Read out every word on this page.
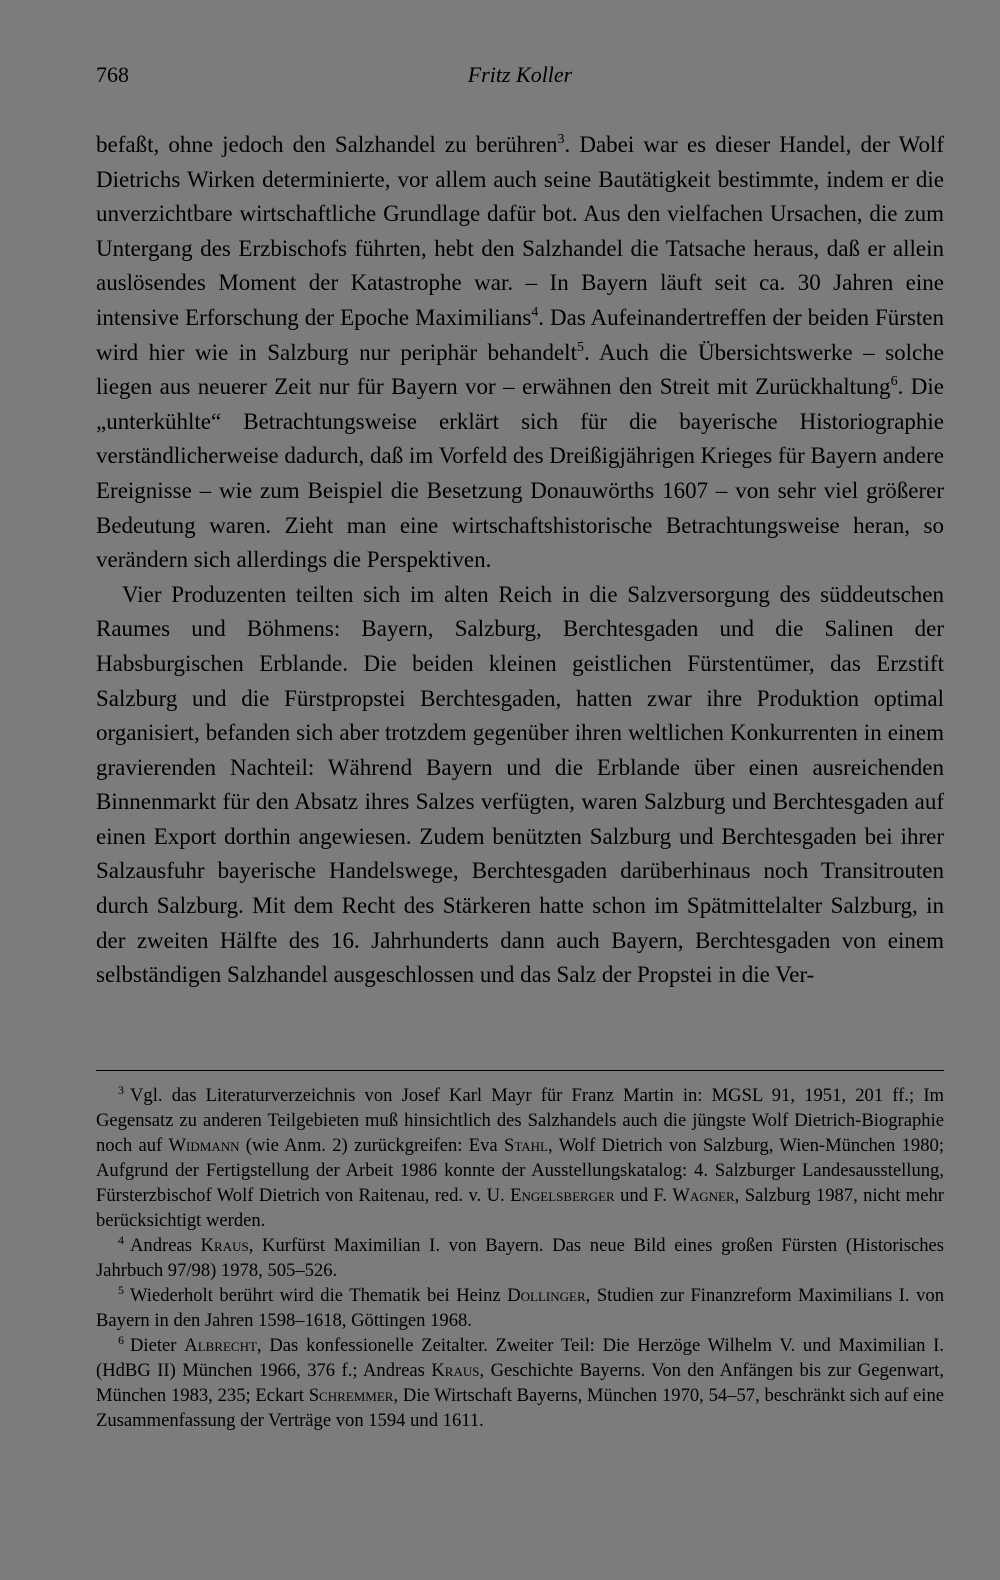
768	Fritz Koller

befaßt, ohne jedoch den Salzhandel zu berühren$^3$. Dabei war es dieser Handel, der Wolf Dietrichs Wirken determinierte, vor allem auch seine Bautätigkeit bestimmte, indem er die unverzichtbare wirtschaftliche Grundlage dafür bot. Aus den vielfachen Ursachen, die zum Untergang des Erzbischofs führten, hebt den Salzhandel die Tatsache heraus, daß er allein auslösendes Moment der Katastrophe war. – In Bayern läuft seit ca. 30 Jahren eine intensive Erforschung der Epoche Maximilians$^4$. Das Aufeinandertreffen der beiden Fürsten wird hier wie in Salzburg nur periphär behandelt$^5$. Auch die Übersichtswerke – solche liegen aus neuerer Zeit nur für Bayern vor – erwähnen den Streit mit Zurückhaltung$^6$. Die „unterkühlte“ Betrachtungsweise erklärt sich für die bayerische Historiographie verständlicherweise dadurch, daß im Vorfeld des Dreißigjährigen Krieges für Bayern andere Ereignisse – wie zum Beispiel die Besetzung Donauwörths 1607 – von sehr viel größerer Bedeutung waren. Zieht man eine wirtschaftshistorische Betrachtungsweise heran, so verändern sich allerdings die Perspektiven.

Vier Produzenten teilten sich im alten Reich in die Salzversorgung des süddeutschen Raumes und Böhmens: Bayern, Salzburg, Berchtesgaden und die Salinen der Habsburgischen Erblande. Die beiden kleinen geistlichen Fürstentümer, das Erzstift Salzburg und die Fürstpropstei Berchtesgaden, hatten zwar ihre Produktion optimal organisiert, befanden sich aber trotzdem gegenüber ihren weltlichen Konkurrenten in einem gravierenden Nachteil: Während Bayern und die Erblande über einen ausreichenden Binnenmarkt für den Absatz ihres Salzes verfügten, waren Salzburg und Berchtesgaden auf einen Export dorthin angewiesen. Zudem benützten Salzburg und Berchtesgaden bei ihrer Salzausfuhr bayerische Handelswege, Berchtesgaden darüberhinaus noch Transitrouten durch Salzburg. Mit dem Recht des Stärkeren hatte schon im Spätmittelalter Salzburg, in der zweiten Hälfte des 16. Jahrhunderts dann auch Bayern, Berchtesgaden von einem selbständigen Salzhandel ausgeschlossen und das Salz der Propstei in die Ver-

$^3$ Vgl. das Literaturverzeichnis von Josef Karl Mayr für Franz Martin in: MGSL 91, 1951, 201 ff.; Im Gegensatz zu anderen Teilgebieten muß hinsichtlich des Salzhandels auch die jüngste Wolf Dietrich-Biographie noch auf Widmann (wie Anm. 2) zurückgreifen: Eva Stahl, Wolf Dietrich von Salzburg, Wien-München 1980; Aufgrund der Fertigstellung der Arbeit 1986 konnte der Ausstellungskatalog: 4. Salzburger Landesausstellung, Fürsterzbischof Wolf Dietrich von Raitenau, red. v. U. Engelsberger und F. Wagner, Salzburg 1987, nicht mehr berücksichtigt werden.

$^4$ Andreas Kraus, Kurfürst Maximilian I. von Bayern. Das neue Bild eines großen Fürsten (Historisches Jahrbuch 97/98) 1978, 505–526.

$^5$ Wiederholt berührt wird die Thematik bei Heinz Dollinger, Studien zur Finanzreform Maximilians I. von Bayern in den Jahren 1598–1618, Göttingen 1968.

$^6$ Dieter Albrecht, Das konfessionelle Zeitalter. Zweiter Teil: Die Herzöge Wilhelm V. und Maximilian I. (HdBG II) München 1966, 376 f.; Andreas Kraus, Geschichte Bayerns. Von den Anfängen bis zur Gegenwart, München 1983, 235; Eckart Schremmer, Die Wirtschaft Bayerns, München 1970, 54–57, beschränkt sich auf eine Zusammenfassung der Verträge von 1594 und 1611.
